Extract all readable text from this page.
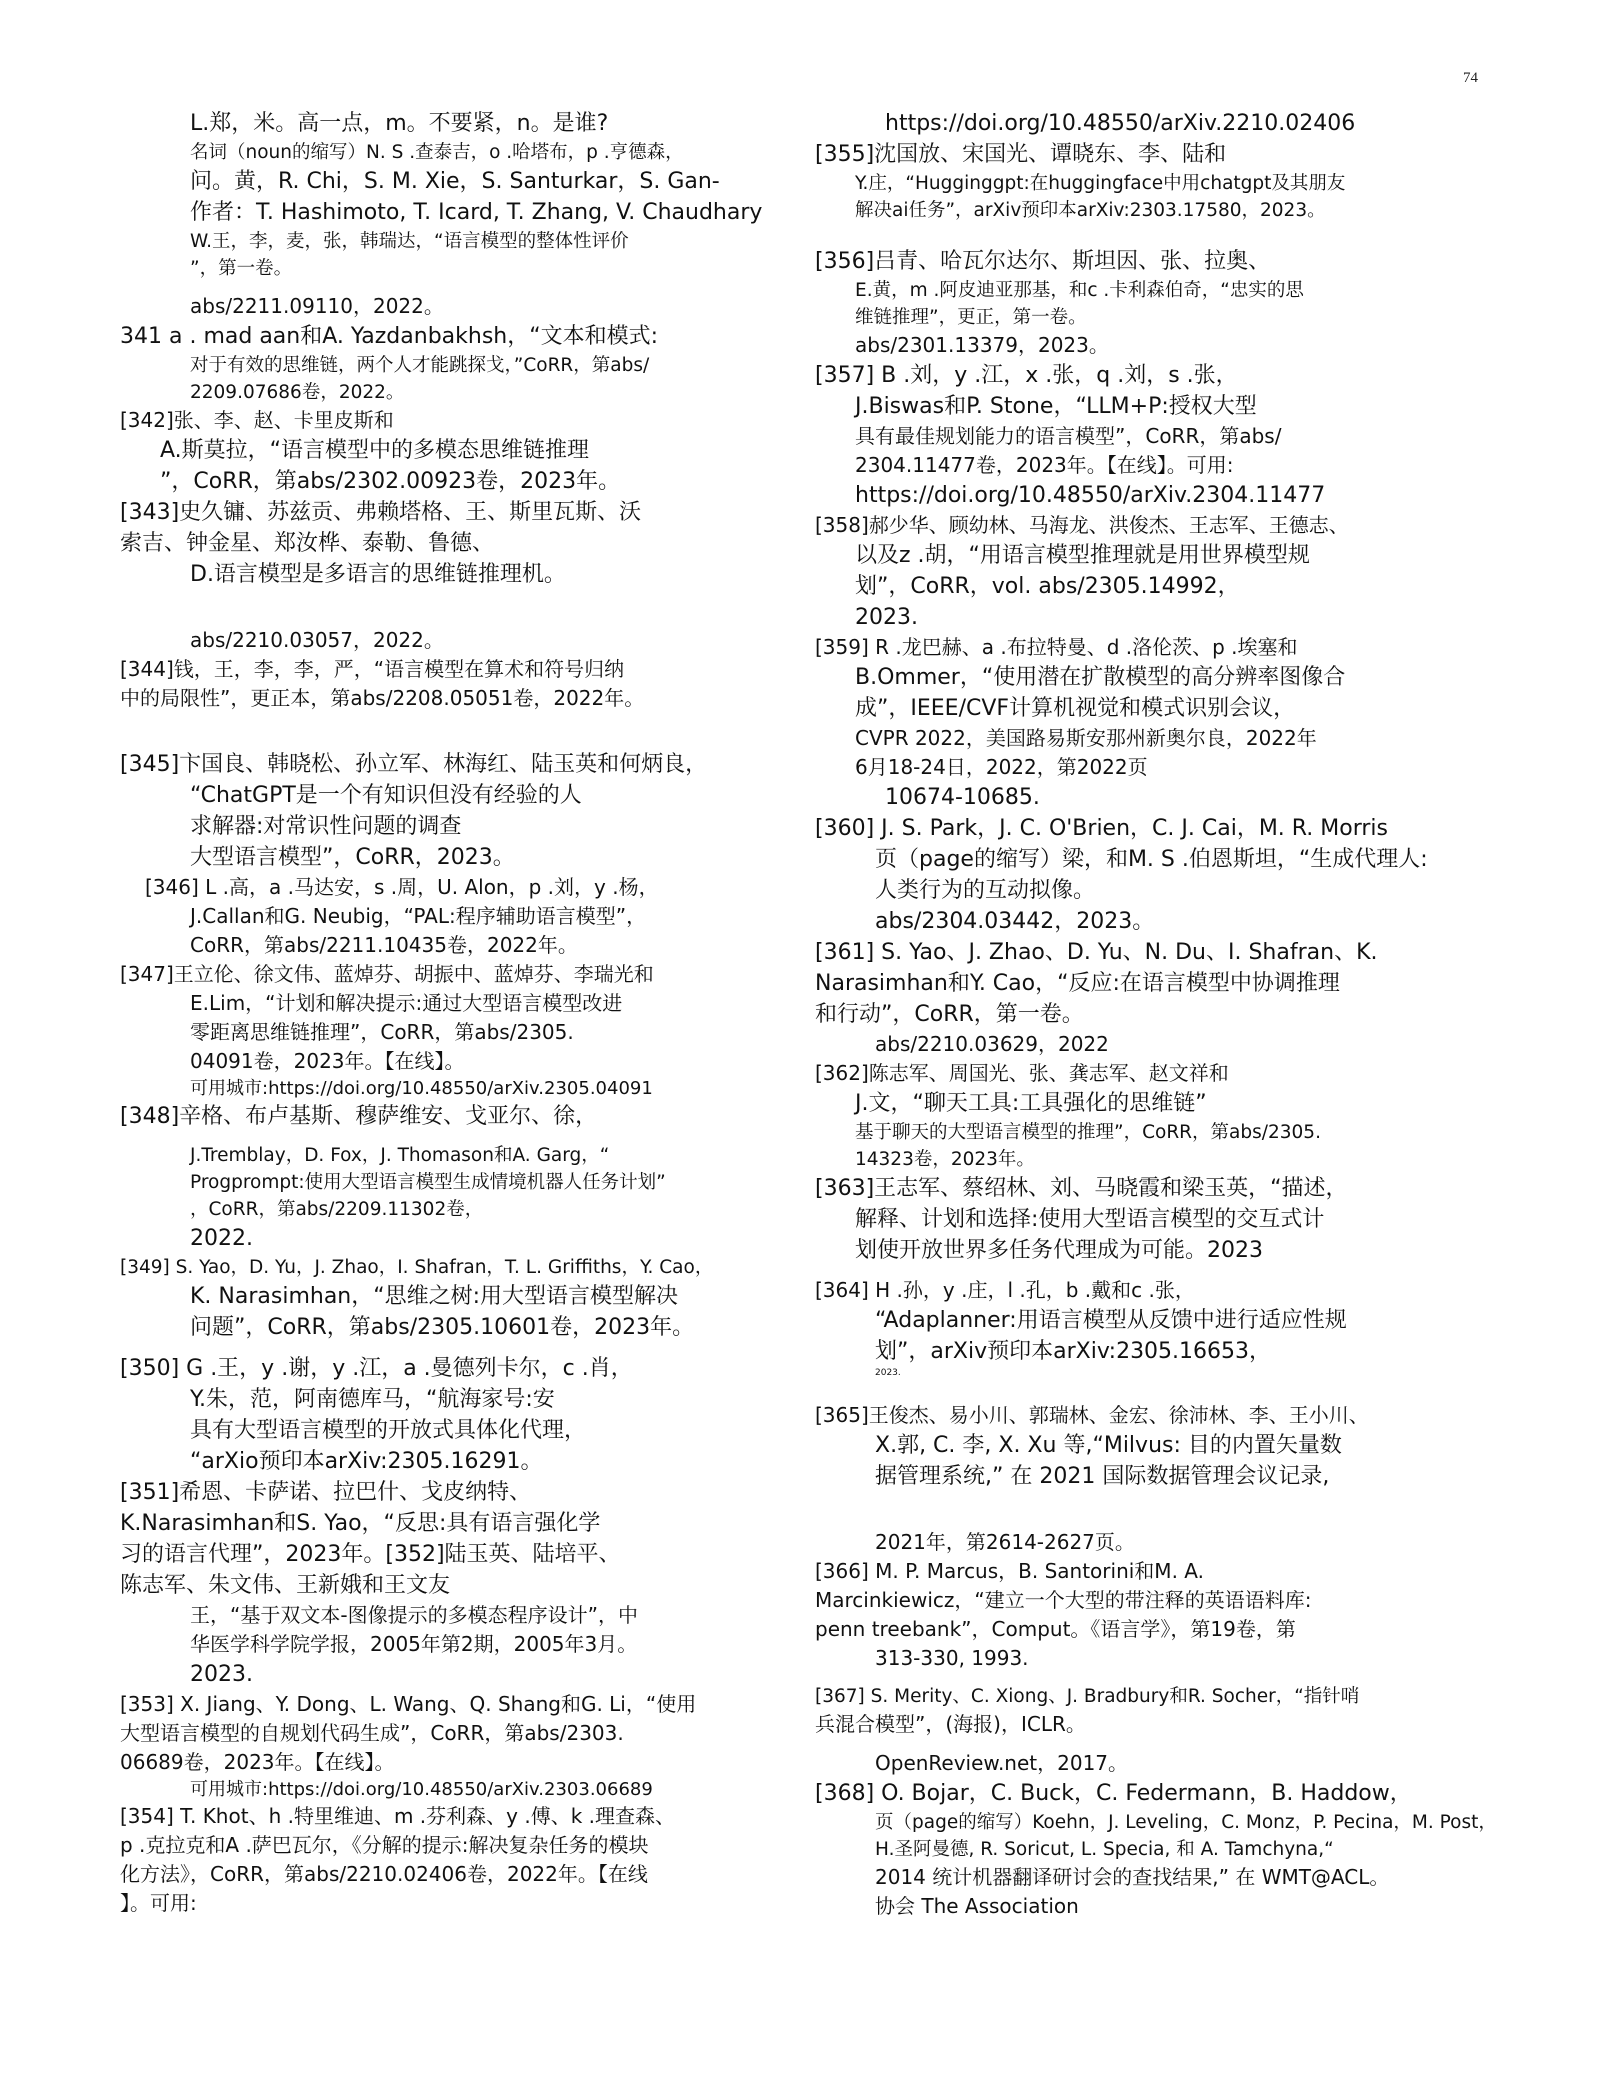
74
L.郑，米。高一点，m。不要紧，n。是谁?
名词（noun的缩写）N. S .查泰吉，o .哈塔布，p .亨德森，
问。黄，R. Chi，S. M. Xie，S. Santurkar，S. Gan-
作者：T. Hashimoto, T. Icard, T. Zhang, V. Chaudhary
W.王，李，麦，张，韩瑞达，“语言模型的整体性评价
”，第一卷。
abs/2211.09110，2022。
341 a . mad aan和A. Yazdanbakhsh，“文本和模式:
对于有效的思维链，两个人才能跳探戈，”CoRR，第abs/
2209.07686卷，2022。
[342]张、李、赵、卡里皮斯和
A.斯莫拉，“语言模型中的多模态思维链推理
”，CoRR，第abs/2302.00923卷，2023年。
[343]史久镛、苏兹贡、弗赖塔格、王、斯里瓦斯、沃
索吉、钟金星、郑汝桦、泰勒、鲁德、
D.语言模型是多语言的思维链推理机。
abs/2210.03057，2022。
[344]钱，王，李，李，严，“语言模型在算术和符号归纳
中的局限性”，更正本，第abs/2208.05051卷，2022年。
[345]卞国良、韩晓松、孙立军、林海红、陆玉英和何炳良，
“ChatGPT是一个有知识但没有经验的人
求解器:对常识性问题的调查
大型语言模型”，CoRR，2023。
[346] L .高，a .马达安，s .周，U. Alon，p .刘，y .杨，
J.Callan和G. Neubig，“PAL:程序辅助语言模型”，
CoRR，第abs/2211.10435卷，2022年。
[347]王立伦、徐文伟、蓝焯芬、胡振中、蓝焯芬、李瑞光和
E.Lim，“计划和解决提示:通过大型语言模型改进
零距离思维链推理”，CoRR，第abs/2305.
04091卷，2023年。【在线】。
可用城市:https://doi.org/10.48550/arXiv.2305.04091
[348]辛格、布卢基斯、穆萨维安、戈亚尔、徐，
J.Tremblay，D. Fox，J. Thomason和A. Garg，“
Progprompt:使用大型语言模型生成情境机器人任务计划”
，CoRR，第abs/2209.11302卷，
2022.
[349] S. Yao，D. Yu，J. Zhao，I. Shafran，T. L. Griffiths，Y. Cao，
K. Narasimhan，“思维之树:用大型语言模型解决
问题”，CoRR，第abs/2305.10601卷，2023年。
[350] G .王，y .谢，y .江，a .曼德列卡尔，c .肖，
Y.朱，范，阿南德库马，“航海家号:安
具有大型语言模型的开放式具体化代理，
“arXio预印本arXiv:2305.16291。
[351]希恩、卡萨诺、拉巴什、戈皮纳特、
K.Narasimhan和S. Yao，“反思:具有语言强化学
习的语言代理”，2023年。[352]陆玉英、陆培平、
陈志军、朱文伟、王新娥和王文友
王，“基于双文本-图像提示的多模态程序设计”，中
华医学科学院学报，2005年第2期，2005年3月。
2023.
[353] X. Jiang、Y. Dong、L. Wang、Q. Shang和G. Li，“使用
大型语言模型的自规划代码生成”，CoRR，第abs/2303.
06689卷，2023年。【在线】。
可用城市:https://doi.org/10.48550/arXiv.2303.06689
[354] T. Khot、h .特里维迪、m .芬利森、y .傅、k .理查森、
p .克拉克和A .萨巴瓦尔，《分解的提示:解决复杂任务的模块
化方法》，CoRR，第abs/2210.02406卷，2022年。【在线
】。可用:
https://doi.org/10.48550/arXiv.2210.02406
[355]沈国放、宋国光、谭晓东、李、陆和
Y.庄，“Hugginggpt:在huggingface中用chatgpt及其朋友
解决ai任务”，arXiv预印本arXiv:2303.17580，2023。
[356]吕青、哈瓦尔达尔、斯坦因、张、拉奥、
E.黄，m .阿皮迪亚那基，和c .卡利森伯奇，“忠实的思
维链推理”，更正，第一卷。
abs/2301.13379，2023。
[357] B .刘，y .江，x .张，q .刘，s .张，
J.Biswas和P. Stone，“LLM+P:授权大型
具有最佳规划能力的语言模型”，CoRR，第abs/
2304.11477卷，2023年。【在线】。可用:
https://doi.org/10.48550/arXiv.2304.11477
[358]郝少华、顾幼林、马海龙、洪俊杰、王志军、王德志、
以及z .胡，“用语言模型推理就是用世界模型规
划”，CoRR，vol. abs/2305.14992，
2023.
[359] R .龙巴赫、a .布拉特曼、d .洛伦茨、p .埃塞和
B.Ommer，“使用潜在扩散模型的高分辨率图像合
成”，IEEE/CVF计算机视觉和模式识别会议，
CVPR 2022，美国路易斯安那州新奥尔良，2022年
6月18-24日，2022，第2022页
10674-10685.
[360] J. S. Park，J. C. O'Brien，C. J. Cai，M. R. Morris
页（page的缩写）梁，和M. S .伯恩斯坦，“生成代理人:
人类行为的互动拟像。
abs/2304.03442，2023。
[361] S. Yao、J. Zhao、D. Yu、N. Du、I. Shafran、K.
Narasimhan和Y. Cao，“反应:在语言模型中协调推理
和行动”，CoRR，第一卷。
abs/2210.03629，2022
[362]陈志军、周国光、张、龚志军、赵文祥和
J.文，“聊天工具:工具强化的思维链”
基于聊天的大型语言模型的推理”，CoRR，第abs/2305.
14323卷，2023年。
[363]王志军、蔡绍林、刘、马晓霞和梁玉英，“描述，
解释、计划和选择:使用大型语言模型的交互式计
划使开放世界多任务代理成为可能。2023
[364] H .孙，y .庄，l .孔，b .戴和c .张，
“Adaplanner:用语言模型从反馈中进行适应性规
划”，arXiv预印本arXiv:2305.16653，
2023.
[365]王俊杰、易小川、郭瑞林、金宏、徐沛林、李、王小川、
X.郭, C. 李, X. Xu 等,“Milvus: 目的内置矢量数
据管理系统,” 在 2021 国际数据管理会议记录,
2021年，第2614-2627页。
[366] M. P. Marcus，B. Santorini和M. A.
Marcinkiewicz，“建立一个大型的带注释的英语语料库:
penn treebank”，Comput。《语言学》，第19卷，第
313-330, 1993.
[367] S. Merity、C. Xiong、J. Bradbury和R. Socher，“指针哨
兵混合模型”，(海报)，ICLR。
OpenReview.net，2017。
[368] O. Bojar，C. Buck，C. Federmann，B. Haddow，
页（page的缩写）Koehn，J. Leveling，C. Monz，P. Pecina，M. Post，
H.圣阿曼德, R. Soricut, L. Specia, 和 A. Tamchyna,“
2014 统计机器翻译研讨会的查找结果,” 在 WMT@ACL。
协会 The Association
